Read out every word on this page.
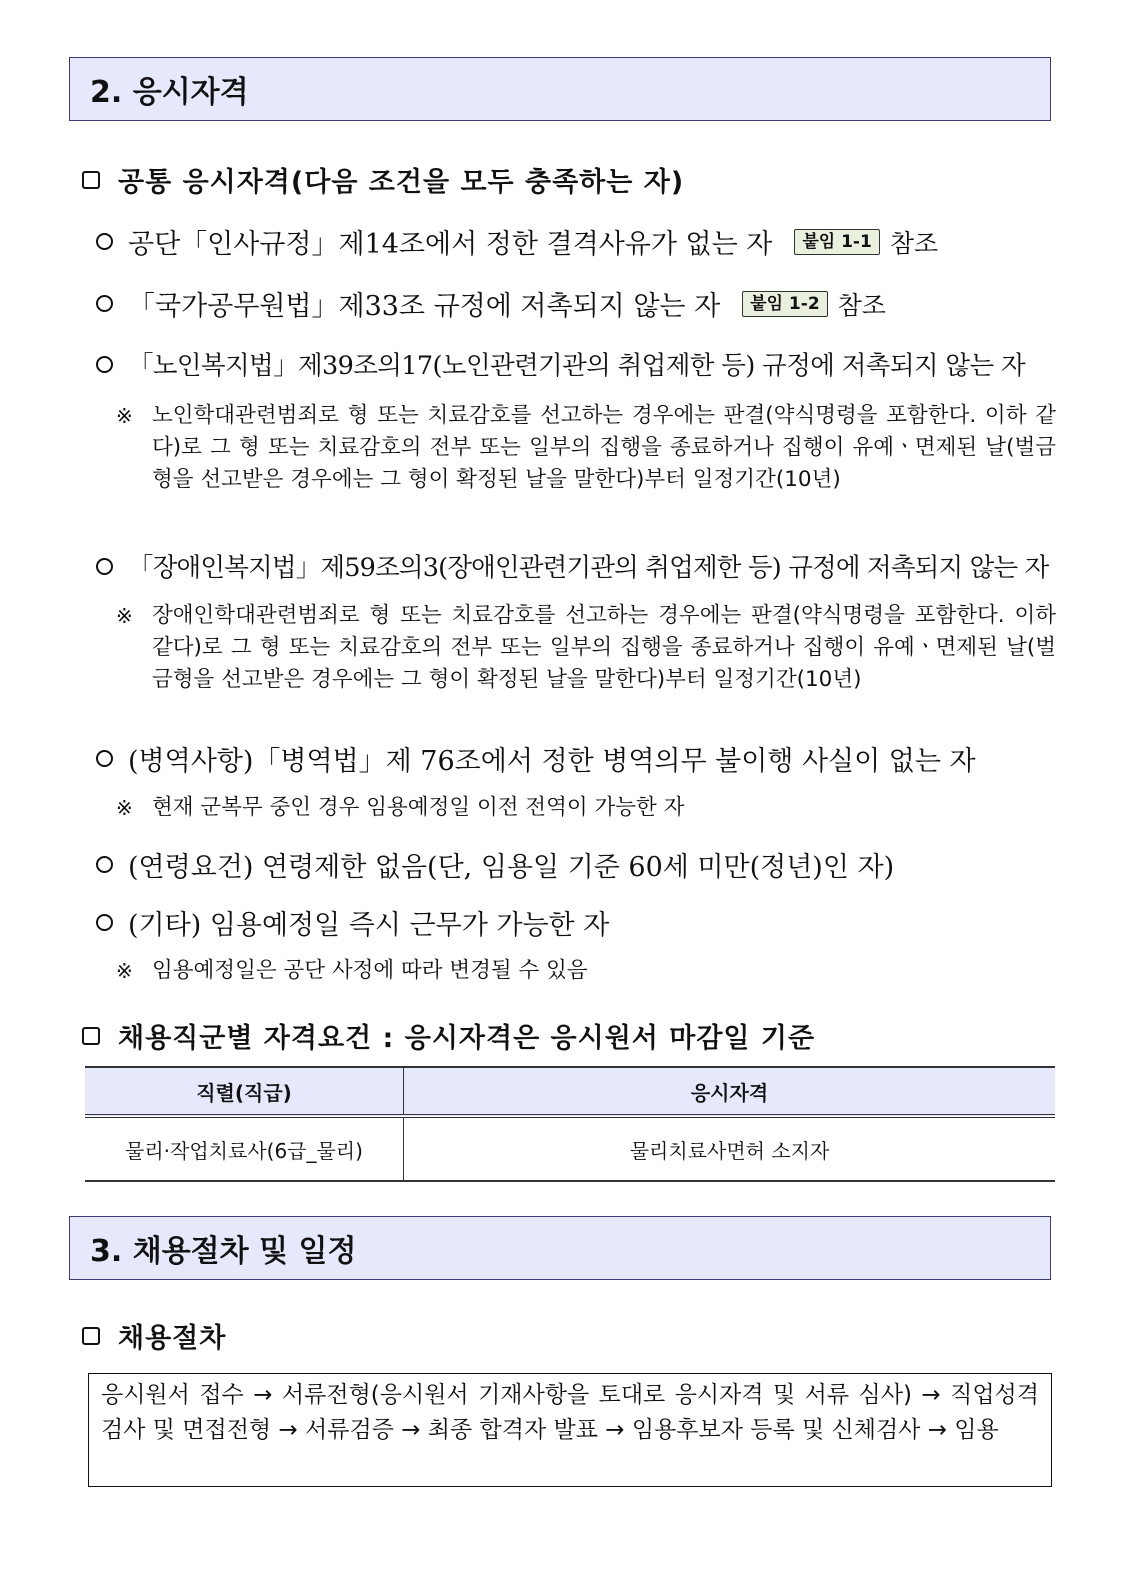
2. 응시자격
공통 응시자격(다음 조건을 모두 충족하는 자)
공단「인사규정」제14조에서 정한 결격사유가 없는 자	붙임 1-1 참조
「국가공무원법」제33조 규정에 저촉되지 않는 자	붙임 1-2 참조
「노인복지법」제39조의17(노인관련기관의 취업제한 등) 규정에 저촉되지 않는 자
※ 노인학대관련범죄로 형 또는 치료감호를 선고하는 경우에는 판결(약식명령을 포함한다. 이하 같다)로 그 형 또는 치료감호의 전부 또는 일부의 집행을 종료하거나 집행이 유예ㆍ면제된 날(벌금형을 선고받은 경우에는 그 형이 확정된 날을 말한다)부터 일정기간(10년)
「장애인복지법」제59조의3(장애인관련기관의 취업제한 등) 규정에 저촉되지 않는 자
※ 장애인학대관련범죄로 형 또는 치료감호를 선고하는 경우에는 판결(약식명령을 포함한다. 이하 같다)로 그 형 또는 치료감호의 전부 또는 일부의 집행을 종료하거나 집행이 유예ㆍ면제된 날(벌금형을 선고받은 경우에는 그 형이 확정된 날을 말한다)부터 일정기간(10년)
(병역사항)「병역법」제 76조에서 정한 병역의무 불이행 사실이 없는 자
※ 현재 군복무 중인 경우 임용예정일 이전 전역이 가능한 자
(연령요건) 연령제한 없음(단, 임용일 기준 60세 미만(정년)인 자)
(기타) 임용예정일 즉시 근무가 가능한 자
※ 임용예정일은 공단 사정에 따라 변경될 수 있음
채용직군별 자격요건 : 응시자격은 응시원서 마감일 기준
직렬(직급)	응시자격
물리·작업치료사(6급_물리)	물리치료사면허 소지자
3. 채용절차 및 일정
채용절차
응시원서 접수 → 서류전형(응시원서 기재사항을 토대로 응시자격 및 서류 심사) → 직업성격 검사 및 면접전형 → 서류검증 → 최종 합격자 발표 → 임용후보자 등록 및 신체검사 → 임용
